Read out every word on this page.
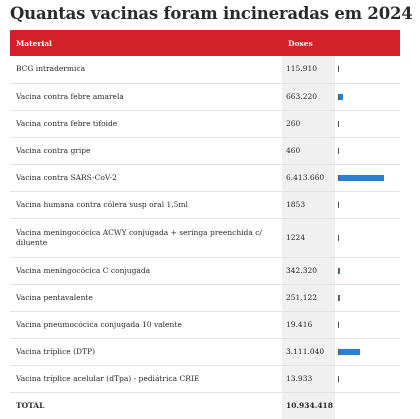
Quantas vacinas foram incineradas em 2024
Material	Doses	
BCG intradermica	115.910	

Vacina contra febre amarela	663.220	

Vacina contra febre tifoide	260	

Vacina contra gripe	460	

Vacina contra SARS-CoV-2	6.413.660	

Vacina humana contra cólera susp oral 1,5ml	1853	

Vacina meningocócica ACWY conjugada + seringa preenchida c/ diluente	1224	

Vacina meningocócica C conjugada	342.320	

Vacina pentavalente	251.122	

Vacina pneumocócica conjugada 10 valente	19.416	

Vacina tríplice (DTP)	3.111.040	

Vacina tríplice acelular (dTpa) - pediátrica CRIE	13.933	

TOTAL	10.934.418	
